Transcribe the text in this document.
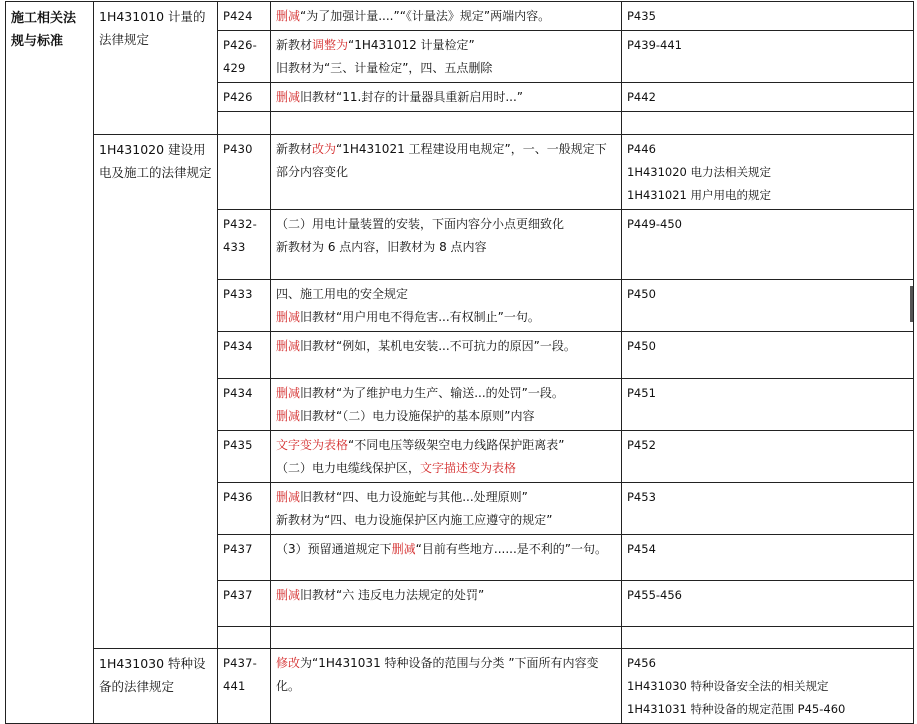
施工相关法规与标准	1H431010 计量的法律规定	P424	删减“为了加强计量....”“《计量法》规定”两端内容。	P435

		P426-429	新教材调整为“1H431012 计量检定”
旧教材为“三、计量检定”，四、五点删除	P439-441

		P426	删减旧教材“11.封存的计量器具重新启用时...”	P442

	1H431020 建设用电及施工的法律规定	P430	新教材改为“1H431021 工程建设用电规定”，一、一般规定下部分内容变化	P446
1H431020 电力法相关规定
1H431021 用户用电的规定

		P432-433	（二）用电计量装置的安装，下面内容分小点更细致化
新教材为 6 点内容，旧教材为 8 点内容	P449-450

		P433	四、施工用电的安全规定
删减旧教材“用户用电不得危害...有权制止”一句。	P450

		P434	删减旧教材“例如，某机电安装...不可抗力的原因”一段。	P450

		P434	删减旧教材“为了维护电力生产、输送...的处罚”一段。
删减旧教材“（二）电力设施保护的基本原则”内容	P451

		P435	文字变为表格“不同电压等级架空电力线路保护距离表”
（二）电力电缆线保护区，文字描述变为表格	P452

		P436	删减旧教材“四、电力设施蛇与其他...处理原则”
新教材为“四、电力设施保护区内施工应遵守的规定”	P453

		P437	（3）预留通道规定下删减“目前有些地方......是不利的”一句。	P454

		P437	删减旧教材“六 违反电力法规定的处罚”	P455-456

	1H431030 特种设备的法律规定	P437-441	修改为“1H431031 特种设备的范围与分类 ”下面所有内容变化。	P456
1H431030 特种设备安全法的相关规定
1H431031 特种设备的规定范围 P45-460
